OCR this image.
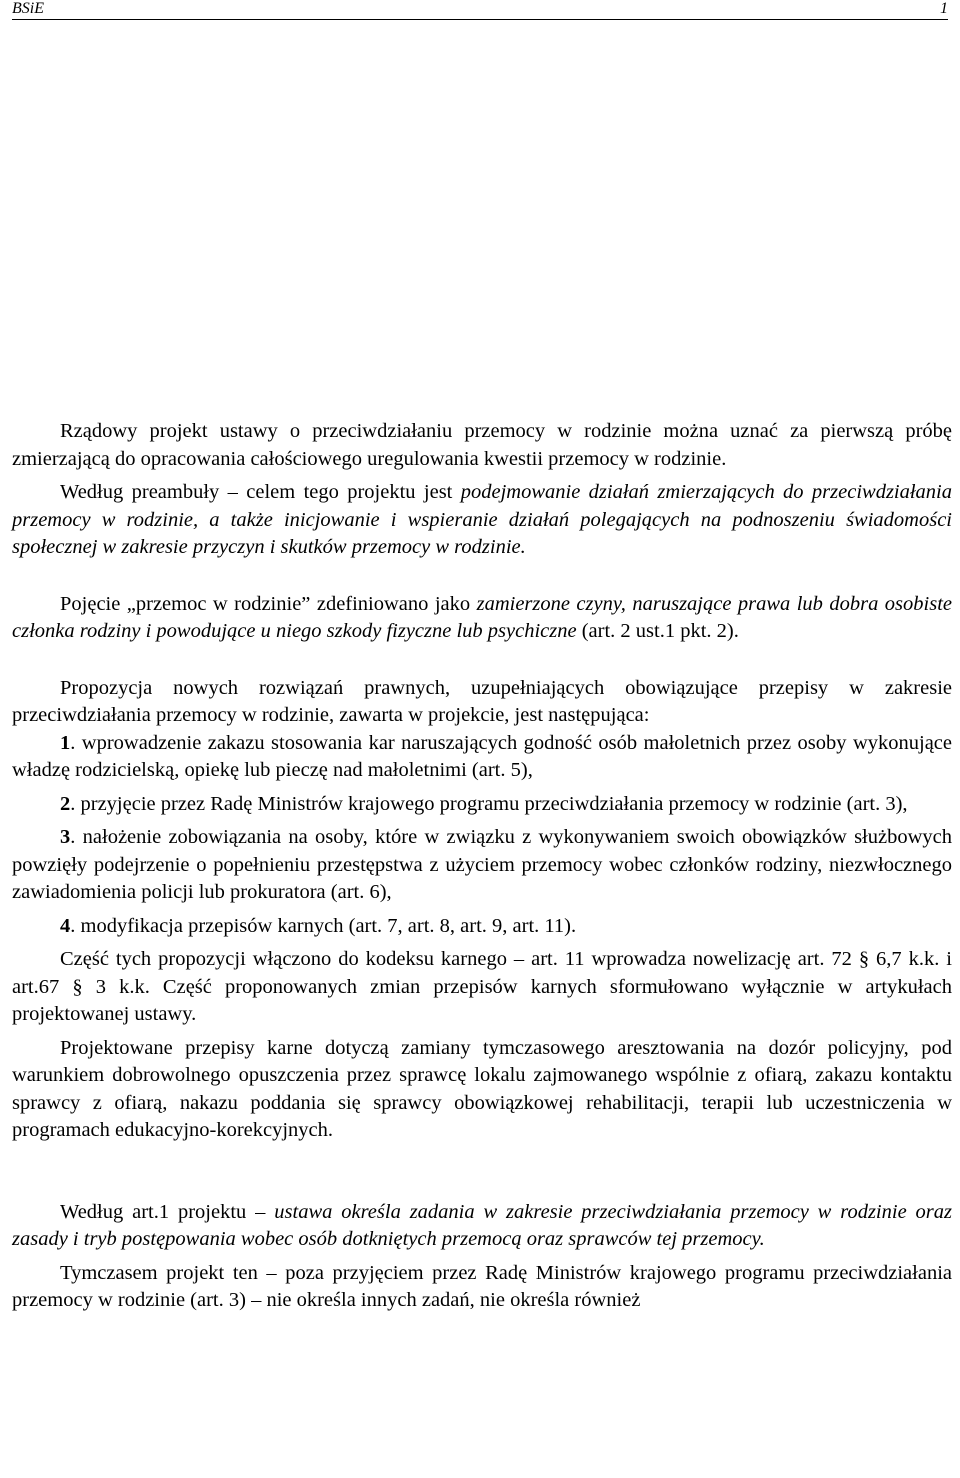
BSiE	1

Rządowy projekt ustawy o przeciwdziałaniu przemocy w rodzinie można uznać za pierwszą próbę zmierzającą do opracowania całościowego uregulowania kwestii przemocy w rodzinie.

Według preambuły – celem tego projektu jest podejmowanie działań zmierzających do przeciwdziałania przemocy w rodzinie, a także inicjowanie i wspieranie działań polegających na podnoszeniu świadomości społecznej w zakresie przyczyn i skutków przemocy w rodzinie.

Pojęcie „przemoc w rodzinie” zdefiniowano jako zamierzone czyny, naruszające prawa lub dobra osobiste członka rodziny i powodujące u niego szkody fizyczne lub psychiczne (art. 2 ust.1 pkt. 2).

Propozycja nowych rozwiązań prawnych, uzupełniających obowiązujące przepisy w zakresie przeciwdziałania przemocy w rodzinie, zawarta w projekcie, jest następująca:

1. wprowadzenie zakazu stosowania kar naruszających godność osób małoletnich przez osoby wykonujące władzę rodzicielską, opiekę lub pieczę nad małoletnimi (art. 5),

2. przyjęcie przez Radę Ministrów krajowego programu przeciwdziałania przemocy w rodzinie (art. 3),

3. nałożenie zobowiązania na osoby, które w związku z wykonywaniem swoich obowiązków służbowych powzięły podejrzenie o popełnieniu przestępstwa z użyciem przemocy wobec członków rodziny, niezwłocznego zawiadomienia policji lub prokuratora (art. 6),

4. modyfikacja przepisów karnych (art. 7, art. 8, art. 9, art. 11).

Część tych propozycji włączono do kodeksu karnego – art. 11 wprowadza nowelizację art. 72 § 6,7 k.k. i art.67 § 3 k.k. Część proponowanych zmian przepisów karnych sformułowano wyłącznie w artykułach projektowanej ustawy.

Projektowane przepisy karne dotyczą zamiany tymczasowego aresztowania na dozór policyjny, pod warunkiem dobrowolnego opuszczenia przez sprawcę lokalu zajmowanego wspólnie z ofiarą, zakazu kontaktu sprawcy z ofiarą, nakazu poddania się sprawcy obowiązkowej rehabilitacji, terapii lub uczestniczenia w programach edukacyjno-korekcyjnych.

Według art.1 projektu – ustawa określa zadania w zakresie przeciwdziałania przemocy w rodzinie oraz zasady i tryb postępowania wobec osób dotkniętych przemocą oraz sprawców tej przemocy.

Tymczasem projekt ten – poza przyjęciem przez Radę Ministrów krajowego programu przeciwdziałania przemocy w rodzinie (art. 3) – nie określa innych zadań, nie określa również
